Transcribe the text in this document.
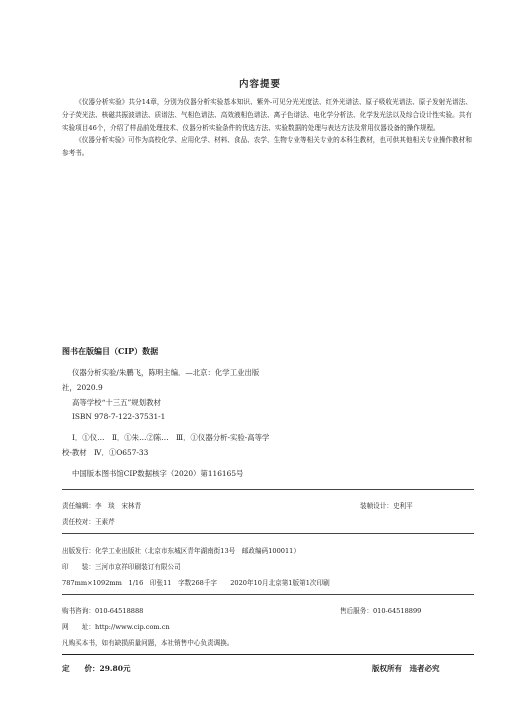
内容提要

《仪器分析实验》共分14章，分别为仪器分析实验基本知识、紫外-可见分光光度法、红外光谱法、原子吸收光谱法、原子发射光谱法、分子荧光法、核磁共振波谱法、质谱法、气相色谱法、高效液相色谱法、离子色谱法、电化学分析法、化学发光法以及综合设计性实验。共有实验项目46个，介绍了样品前处理技术、仪器分析实验条件的优选方法、实验数据的处理与表达方法及常用仪器设备的操作规程。

《仪器分析实验》可作为高校化学、应用化学、材料、食品、农学、生物专业等相关专业的本科生教材，也可供其他相关专业操作教材和参考书。

图书在版编目（CIP）数据
仪器分析实验/朱鹏飞，陈明主编．—北京：化学工业出版
社，2020.9
高等学校“十三五”规划教材
ISBN 978-7-122-37531-1
Ⅰ．①仪…　Ⅱ．①朱…②陈…　Ⅲ．①仪器分析-实验-高等学
校-教材　Ⅳ．①O657-33
中国版本图书馆CIP数据核字（2020）第116165号
责任编辑：李　琰　宋林青	装帧设计：史利平
责任校对：王素芹
出版发行：化学工业出版社（北京市东城区青年湖南街13号　邮政编码100011）
印　　装：三河市京祥印刷装订有限公司
787mm×1092mm　1/16　印张11　字数268千字　　2020年10月北京第1版第1次印刷
购书咨询：010-64518888	售后服务：010-64518899
网　　址：http://www.cip.com.cn
凡购买本书，如有缺损质量问题，本社销售中心负责调换。
定　　价：29.80元	版权所有　违者必究
